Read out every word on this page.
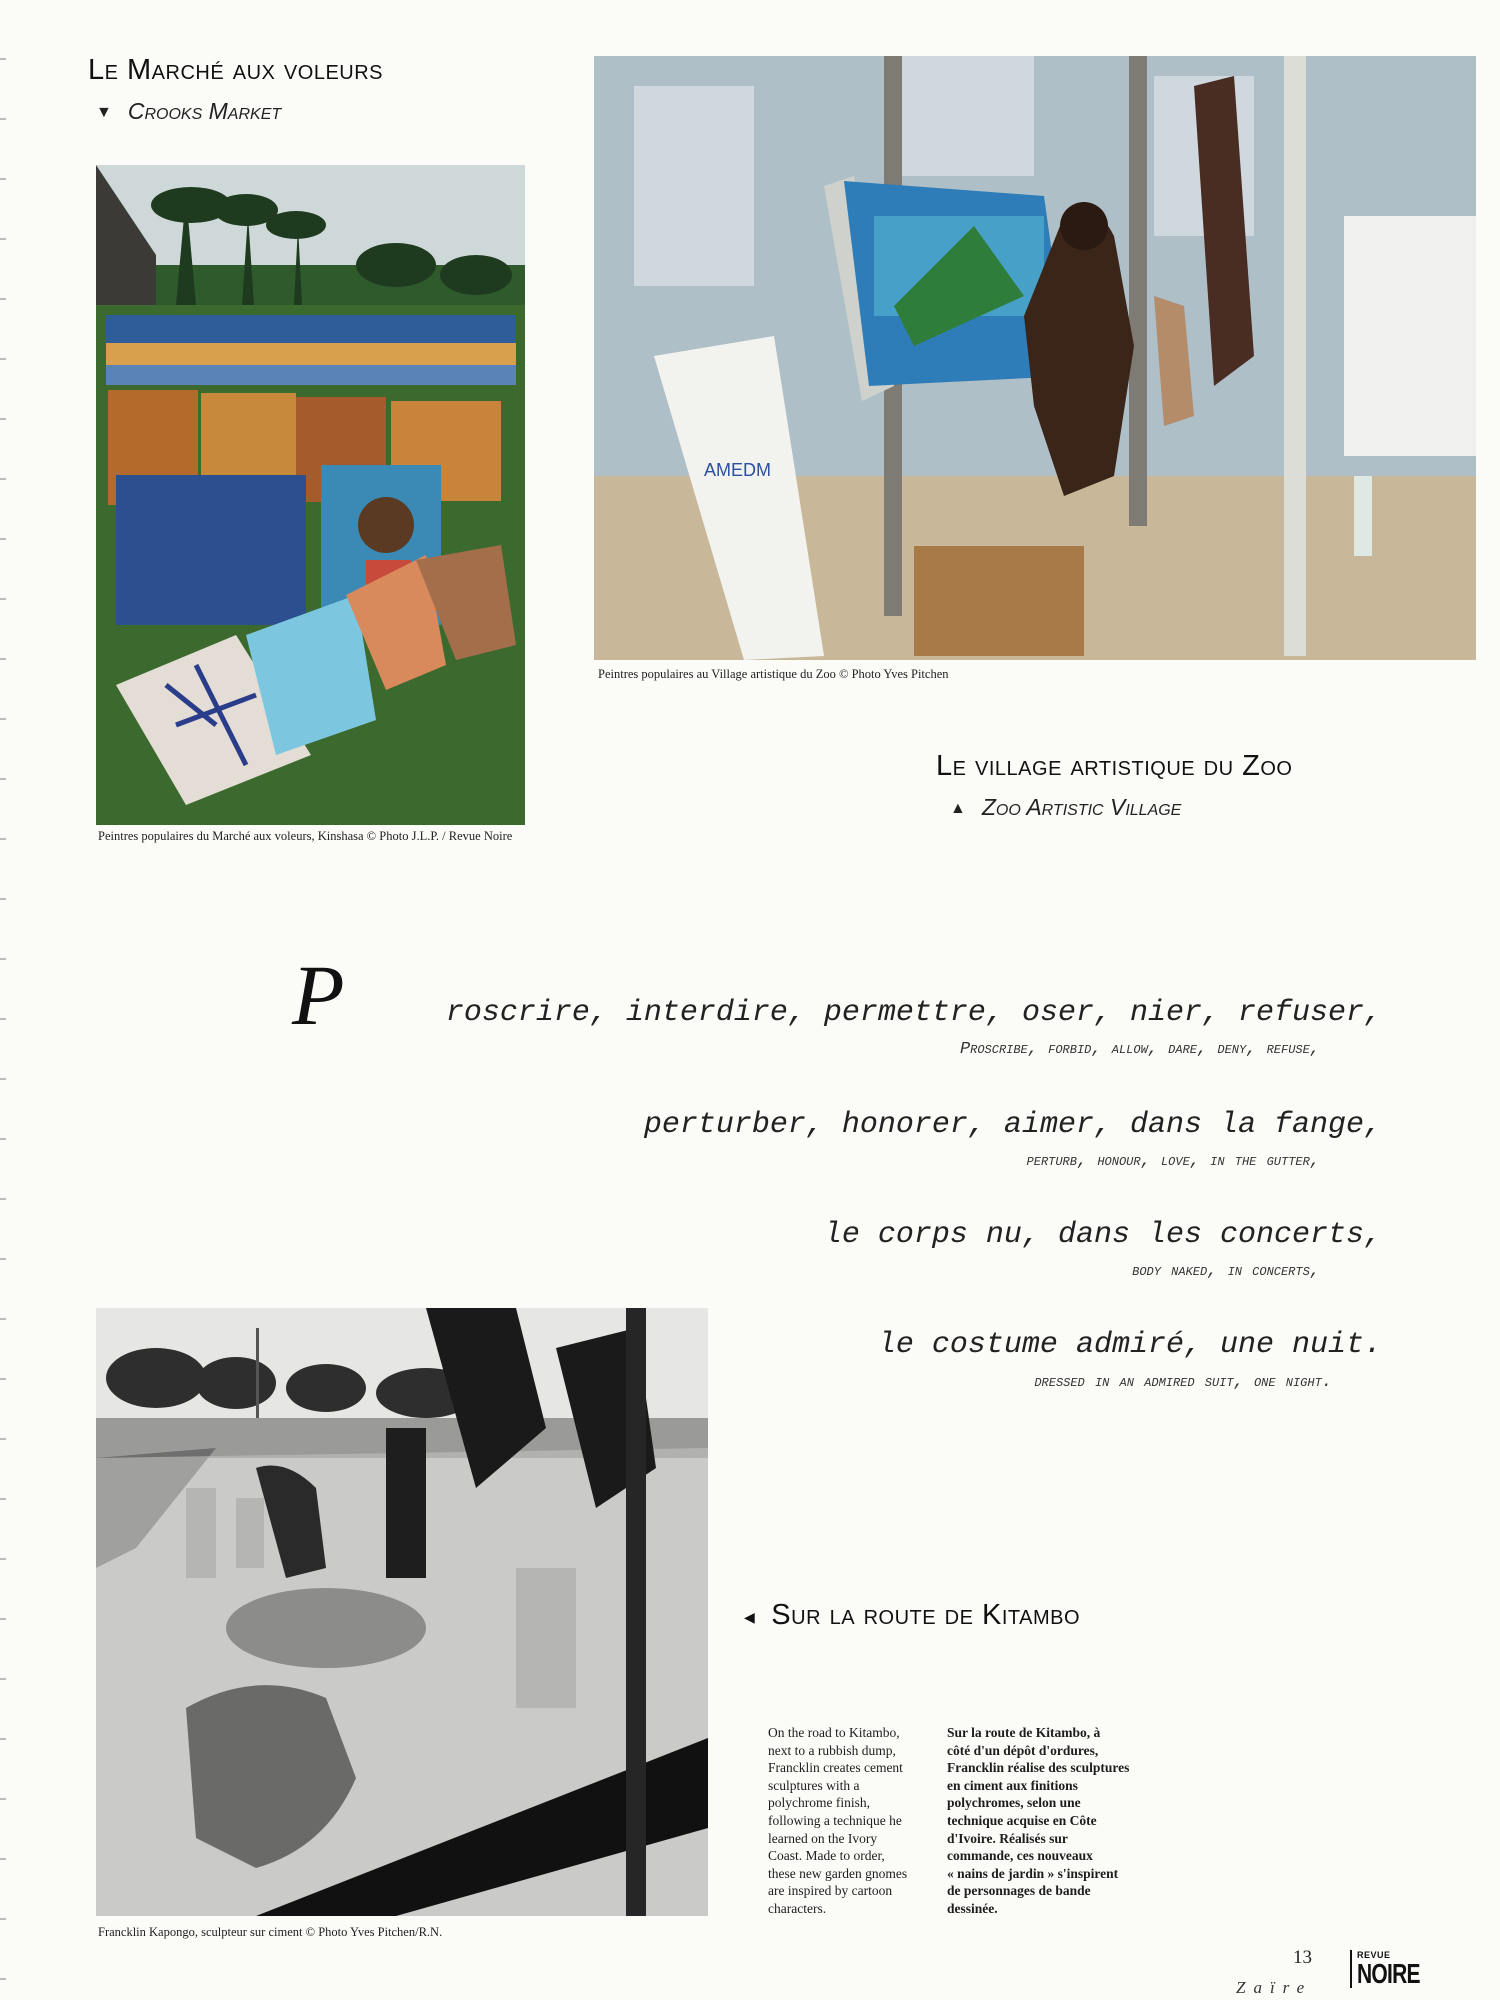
Le Marché aux voleurs
▼ Crooks Market
Peintres populaires du Marché aux voleurs, Kinshasa © Photo J.L.P. / Revue Noire
AMEDM
Peintres populaires au Village artistique du Zoo © Photo Yves Pitchen
Le village artistique du Zoo
▲ Zoo Artistic Village
P	roscrire, interdire, permettre, oser, nier, refuser,
Proscribe, forbid, allow, dare, deny, refuse,
perturber, honorer, aimer, dans la fange,
perturb, honour, love, in the gutter,
le corps nu, dans les concerts,
body naked, in concerts,
le costume admiré, une nuit.
dressed in an admired suit, one night.
Francklin Kapongo, sculpteur sur ciment © Photo Yves Pitchen/R.N.
◀ Sur la route de Kitambo
On the road to Kitambo,
next to a rubbish dump,
Francklin creates cement
sculptures with a
polychrome finish,
following a technique he
learned on the Ivory
Coast. Made to order,
these new garden gnomes
are inspired by cartoon
characters.
Sur la route de Kitambo, à
côté d'un dépôt d'ordures,
Francklin réalise des sculptures
en ciment aux finitions
polychromes, selon une
technique acquise en Côte
d'Ivoire. Réalisés sur
commande, ces nouveaux
« nains de jardin » s'inspirent
de personnages de bande
dessinée.
13
Zaïre
REVUE
NOIRE
